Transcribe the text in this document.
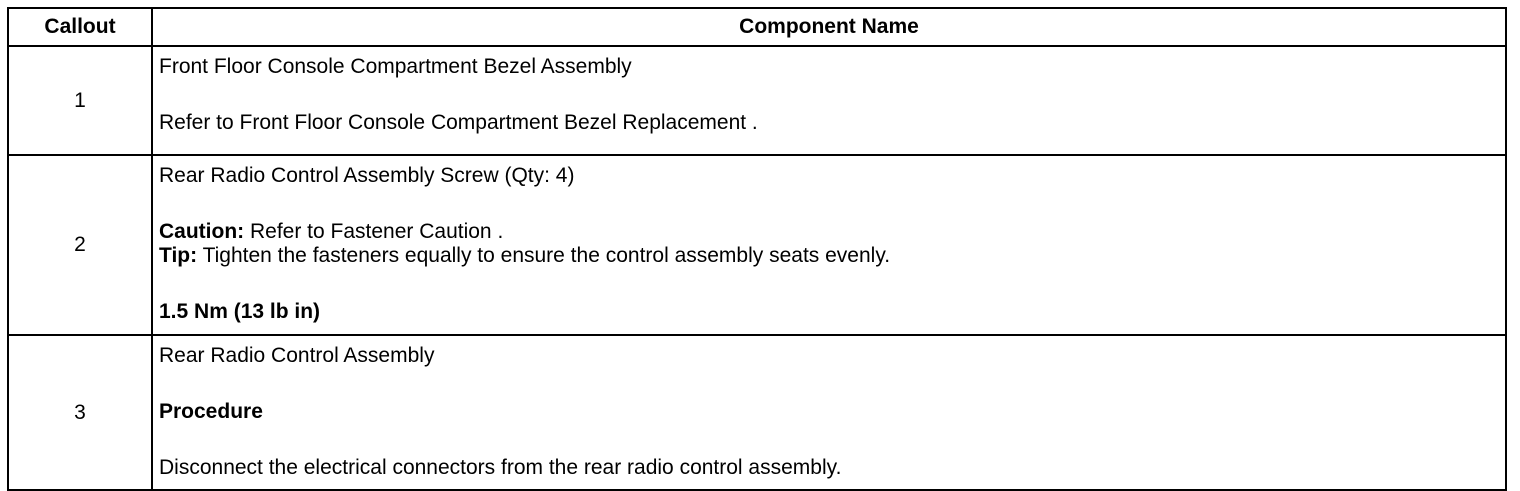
Callout	Component Name
1	Front Floor Console Compartment Bezel Assembly
Refer to Front Floor Console Compartment Bezel Replacement .

2	Rear Radio Control Assembly Screw (Qty: 4)
Caution: Refer to Fastener Caution .
Tip: Tighten the fasteners equally to ensure the control assembly seats evenly.
1.5 Nm (13 lb in)

3	Rear Radio Control Assembly
Procedure
Disconnect the electrical connectors from the rear radio control assembly.
